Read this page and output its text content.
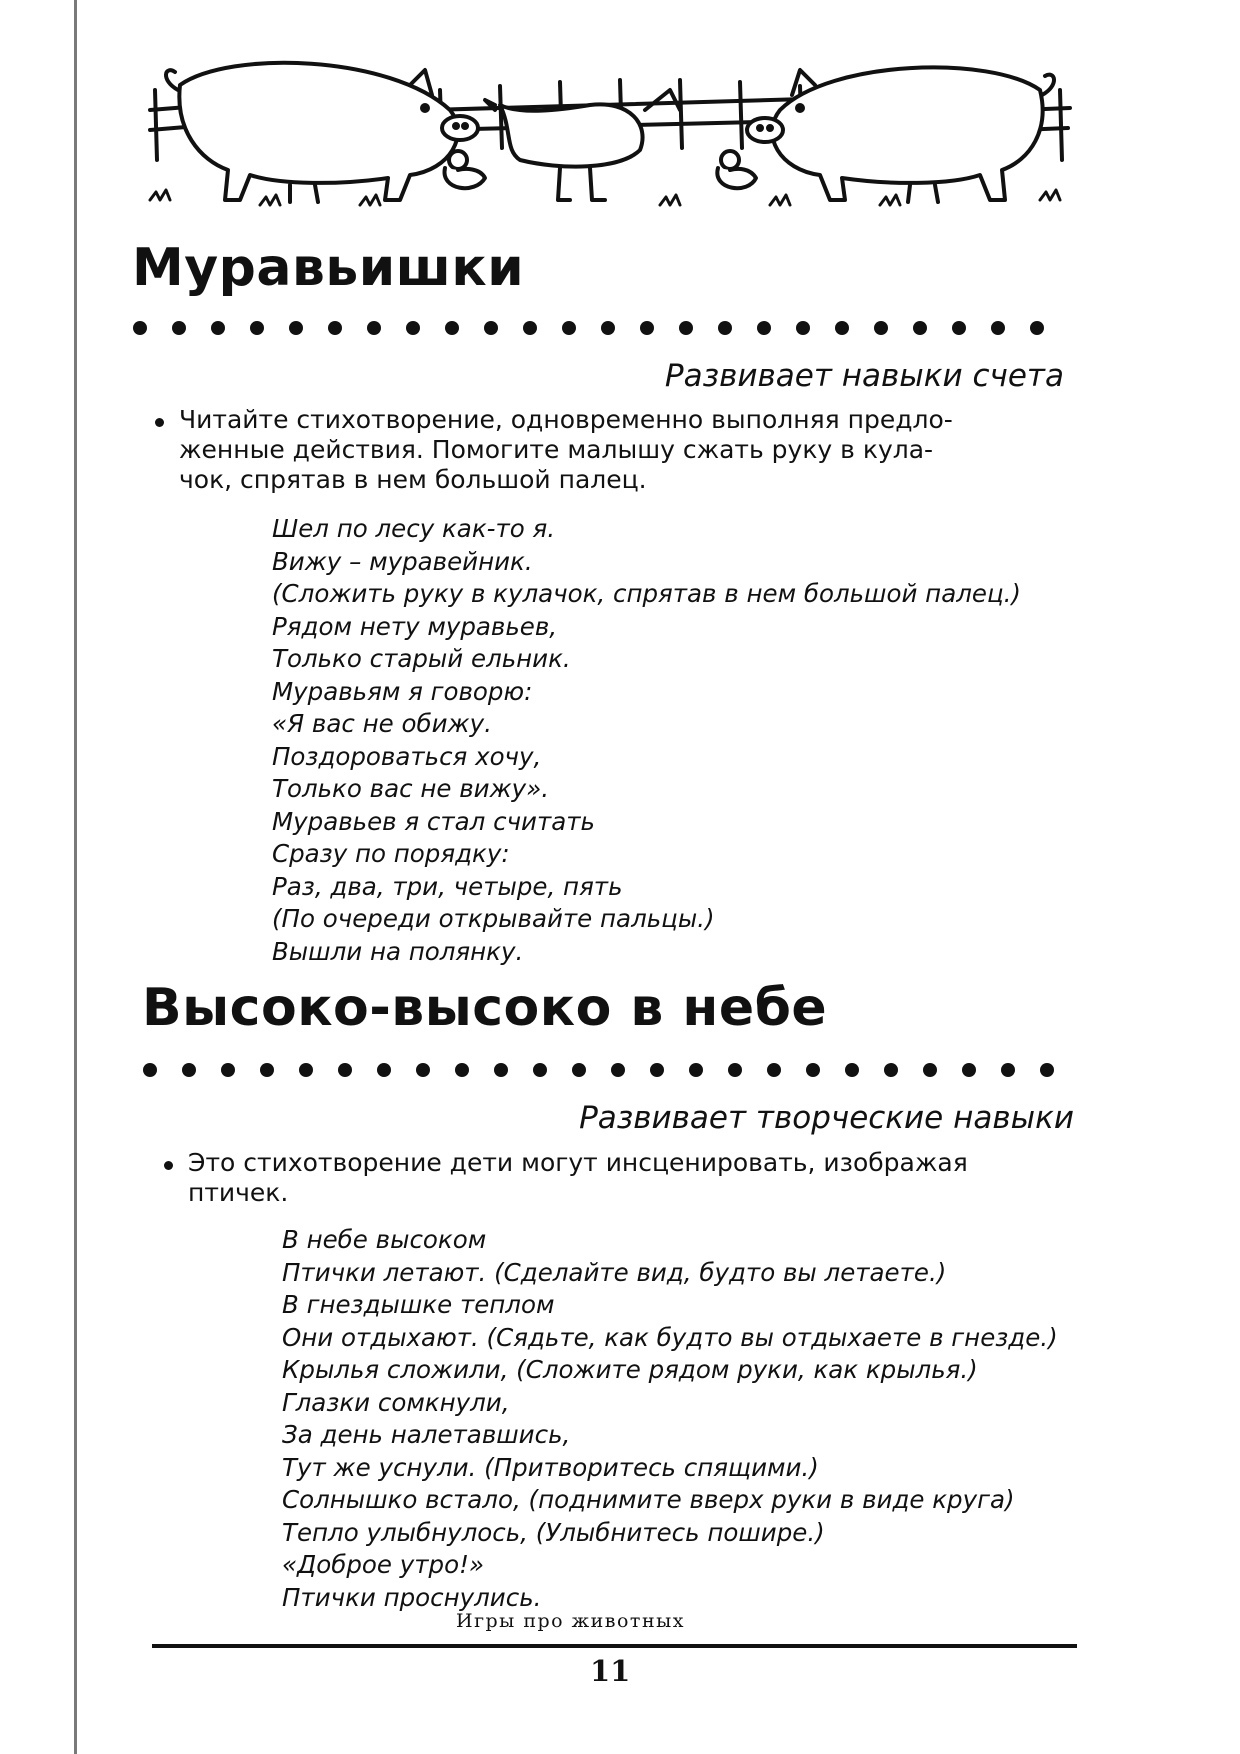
Муравьишки

Развивает навыки счета

Читайте стихотворение, одновременно выполняя предло-
женные действия. Помогите малышу сжать руку в кула-
чок, спрятав в нем большой палец.
Шел по лесу как-то я.
Вижу – муравейник.
(Сложить руку в кулачок, спрятав в нем большой палец.)
Рядом нету муравьев,
Только старый ельник.
Муравьям я говорю:
«Я вас не обижу.
Поздороваться хочу,
Только вас не вижу».
Муравьев я стал считать
Сразу по порядку:
Раз, два, три, четыре, пять
(По очереди открывайте пальцы.)
Вышли на полянку.
Высоко-высоко в небе

Развивает творческие навыки

Это стихотворение дети могут инсценировать, изображая
птичек.
В небе высоком
Птички летают. (Сделайте вид, будто вы летаете.)
В гнездышке теплом
Они отдыхают. (Сядьте, как будто вы отдыхаете в гнезде.)
Крылья сложили, (Сложите рядом руки, как крылья.)
Глазки сомкнули,
За день налетавшись,
Тут же уснули. (Притворитесь спящими.)
Солнышко встало, (поднимите вверх руки в виде круга)
Тепло улыбнулось, (Улыбнитесь пошире.)
«Доброе утро!»
Птички проснулись.
Игры про животных
11
